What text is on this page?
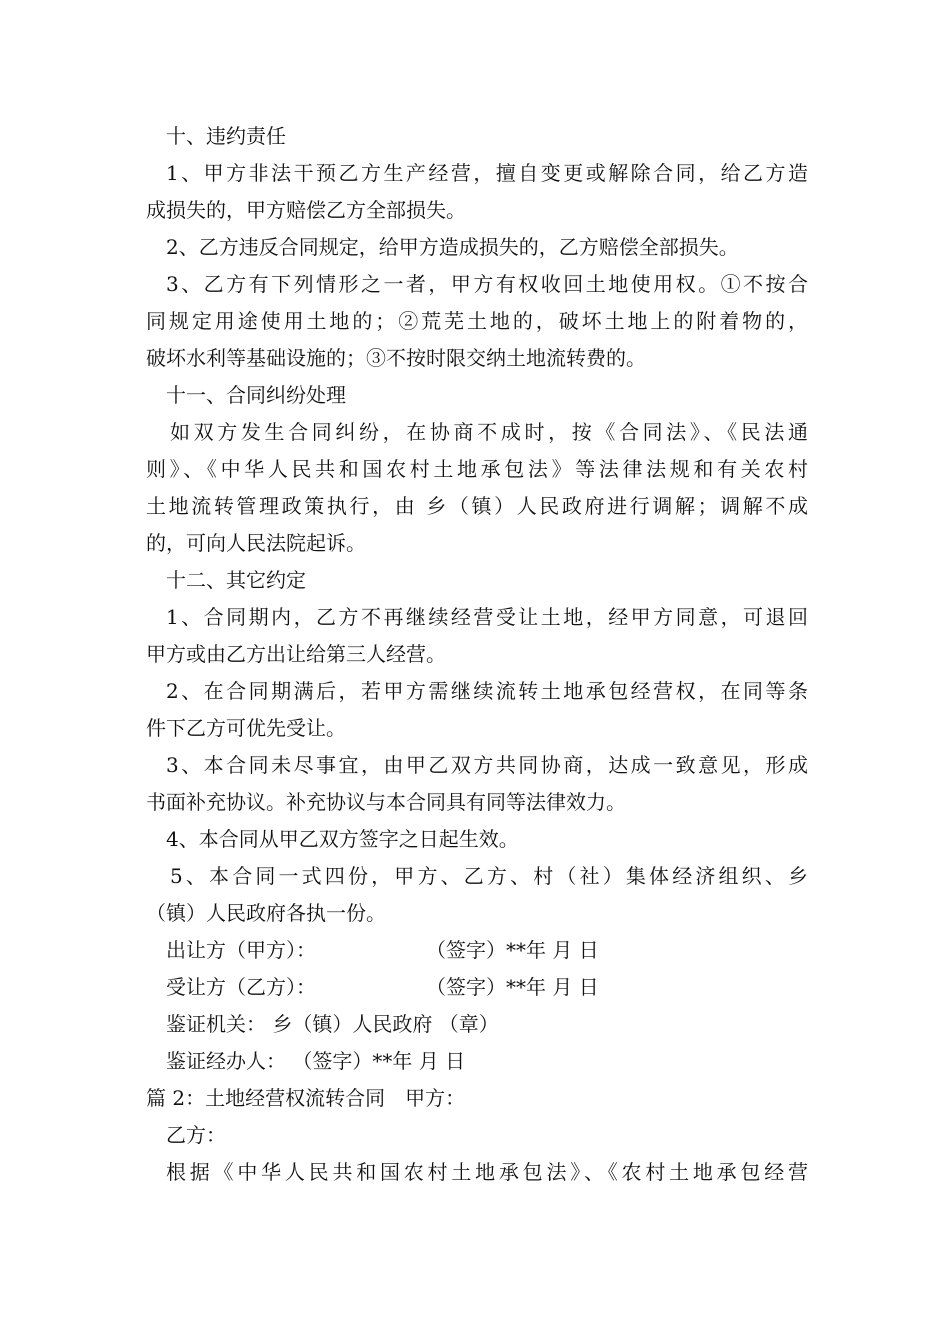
十、违约责任
1、甲方非法干预乙方生产经营，擅自变更或解除合同，给乙方造
成损失的，甲方赔偿乙方全部损失。
2、乙方违反合同规定，给甲方造成损失的，乙方赔偿全部损失。
3、乙方有下列情形之一者，甲方有权收回土地使用权。①不按合
同规定用途使用土地的；②荒芜土地的，破坏土地上的附着物的，
破坏水利等基础设施的；③不按时限交纳土地流转费的。
十一、合同纠纷处理
如双方发生合同纠纷，在协商不成时，按《合同法》、《民法通
则》、《中华人民共和国农村土地承包法》等法律法规和有关农村
土地流转管理政策执行，由 乡（镇）人民政府进行调解；调解不成
的，可向人民法院起诉。
十二、其它约定
1、合同期内，乙方不再继续经营受让土地，经甲方同意，可退回
甲方或由乙方出让给第三人经营。
2、在合同期满后，若甲方需继续流转土地承包经营权，在同等条
件下乙方可优先受让。
3、本合同未尽事宜，由甲乙双方共同协商，达成一致意见，形成
书面补充协议。补充协议与本合同具有同等法律效力。
4、本合同从甲乙双方签字之日起生效。
5、本合同一式四份，甲方、乙方、村（社）集体经济组织、乡
（镇）人民政府各执一份。
出让方（甲方）：	（签字）**年 月 日
受让方（乙方）：	（签字）**年 月 日
鉴证机关： 乡（镇）人民政府 （章）
鉴证经办人： （签字）**年 月 日
篇 2：土地经营权流转合同　甲方：
乙方：
根据《中华人民共和国农村土地承包法》、《农村土地承包经营
